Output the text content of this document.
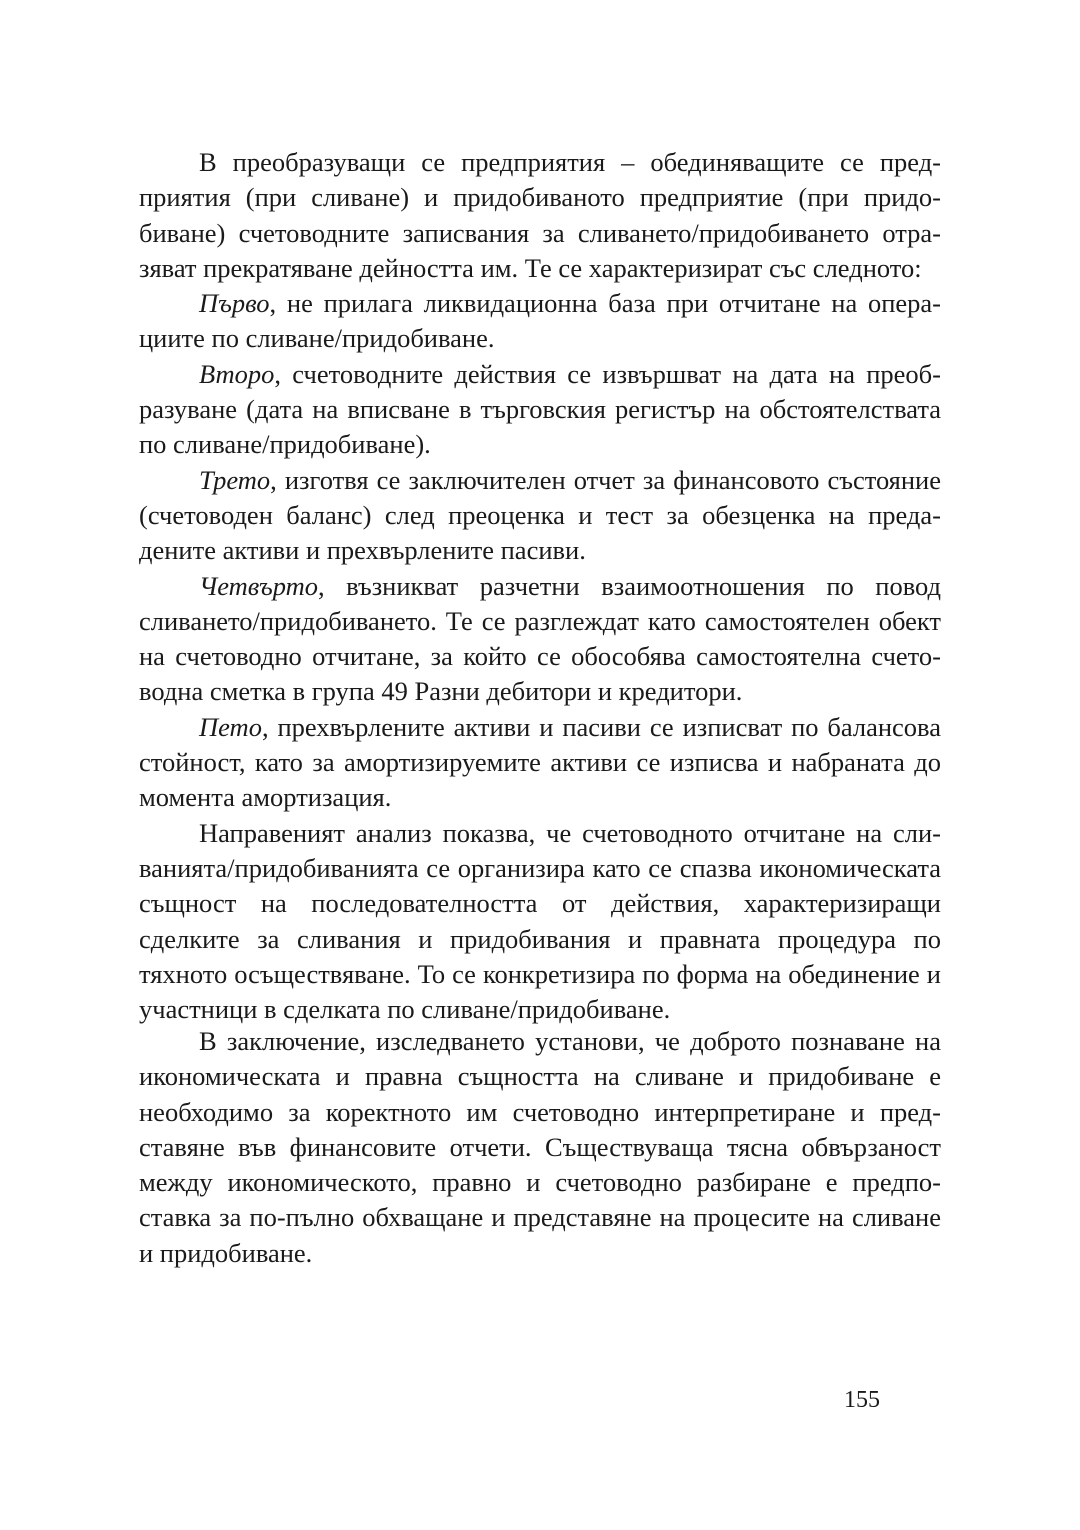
В преобразуващи се предприятия – обединяващите се предприятия (при сливане) и придобиваното предприятие (при придобиване) счетоводните записвания за сливането/придобиването отразяват прекратяване дейността им. Те се характеризират със следното:

Първо, не прилага ликвидационна база при отчитане на операциите по сливане/придобиване.

Второ, счетоводните действия се извършват на дата на преобразуване (дата на вписване в търговския регистър на обстоятелствата по сливане/придобиване).

Трето, изготвя се заключителен отчет за финансовото състояние (счетоводен баланс) след преоценка и тест за обезценка на предадените активи и прехвърлените пасиви.

Четвърто, възникват разчетни взаимоотношения по повод сливането/придобиването. Те се разглеждат като самостоятелен обект на счетоводно отчитане, за който се обособява самостоятелна счетоводна сметка в група 49 Разни дебитори и кредитори.

Пето, прехвърлените активи и пасиви се изписват по балансова стойност, като за амортизируемите активи се изписва и набраната до момента амортизация.

Направеният анализ показва, че счетоводното отчитане на сливанията/придобиванията се организира като се спазва икономическата същност на последователността от действия, характеризиращи сделките за сливания и придобивания и правната процедура по тяхното осъществяване. То се конкретизира по форма на обединение и участници в сделката по сливане/придобиване.

В заключение, изследването установи, че доброто познаване на икономическата и правна същността на сливане и придобиване е необходимо за коректното им счетоводно интерпретиране и представяне във финансовите отчети. Съществуваща тясна обвързаност между икономическото, правно и счетоводно разбиране е предпоставка за по-пълно обхващане и представяне на процесите на сливане и придобиване.

155
